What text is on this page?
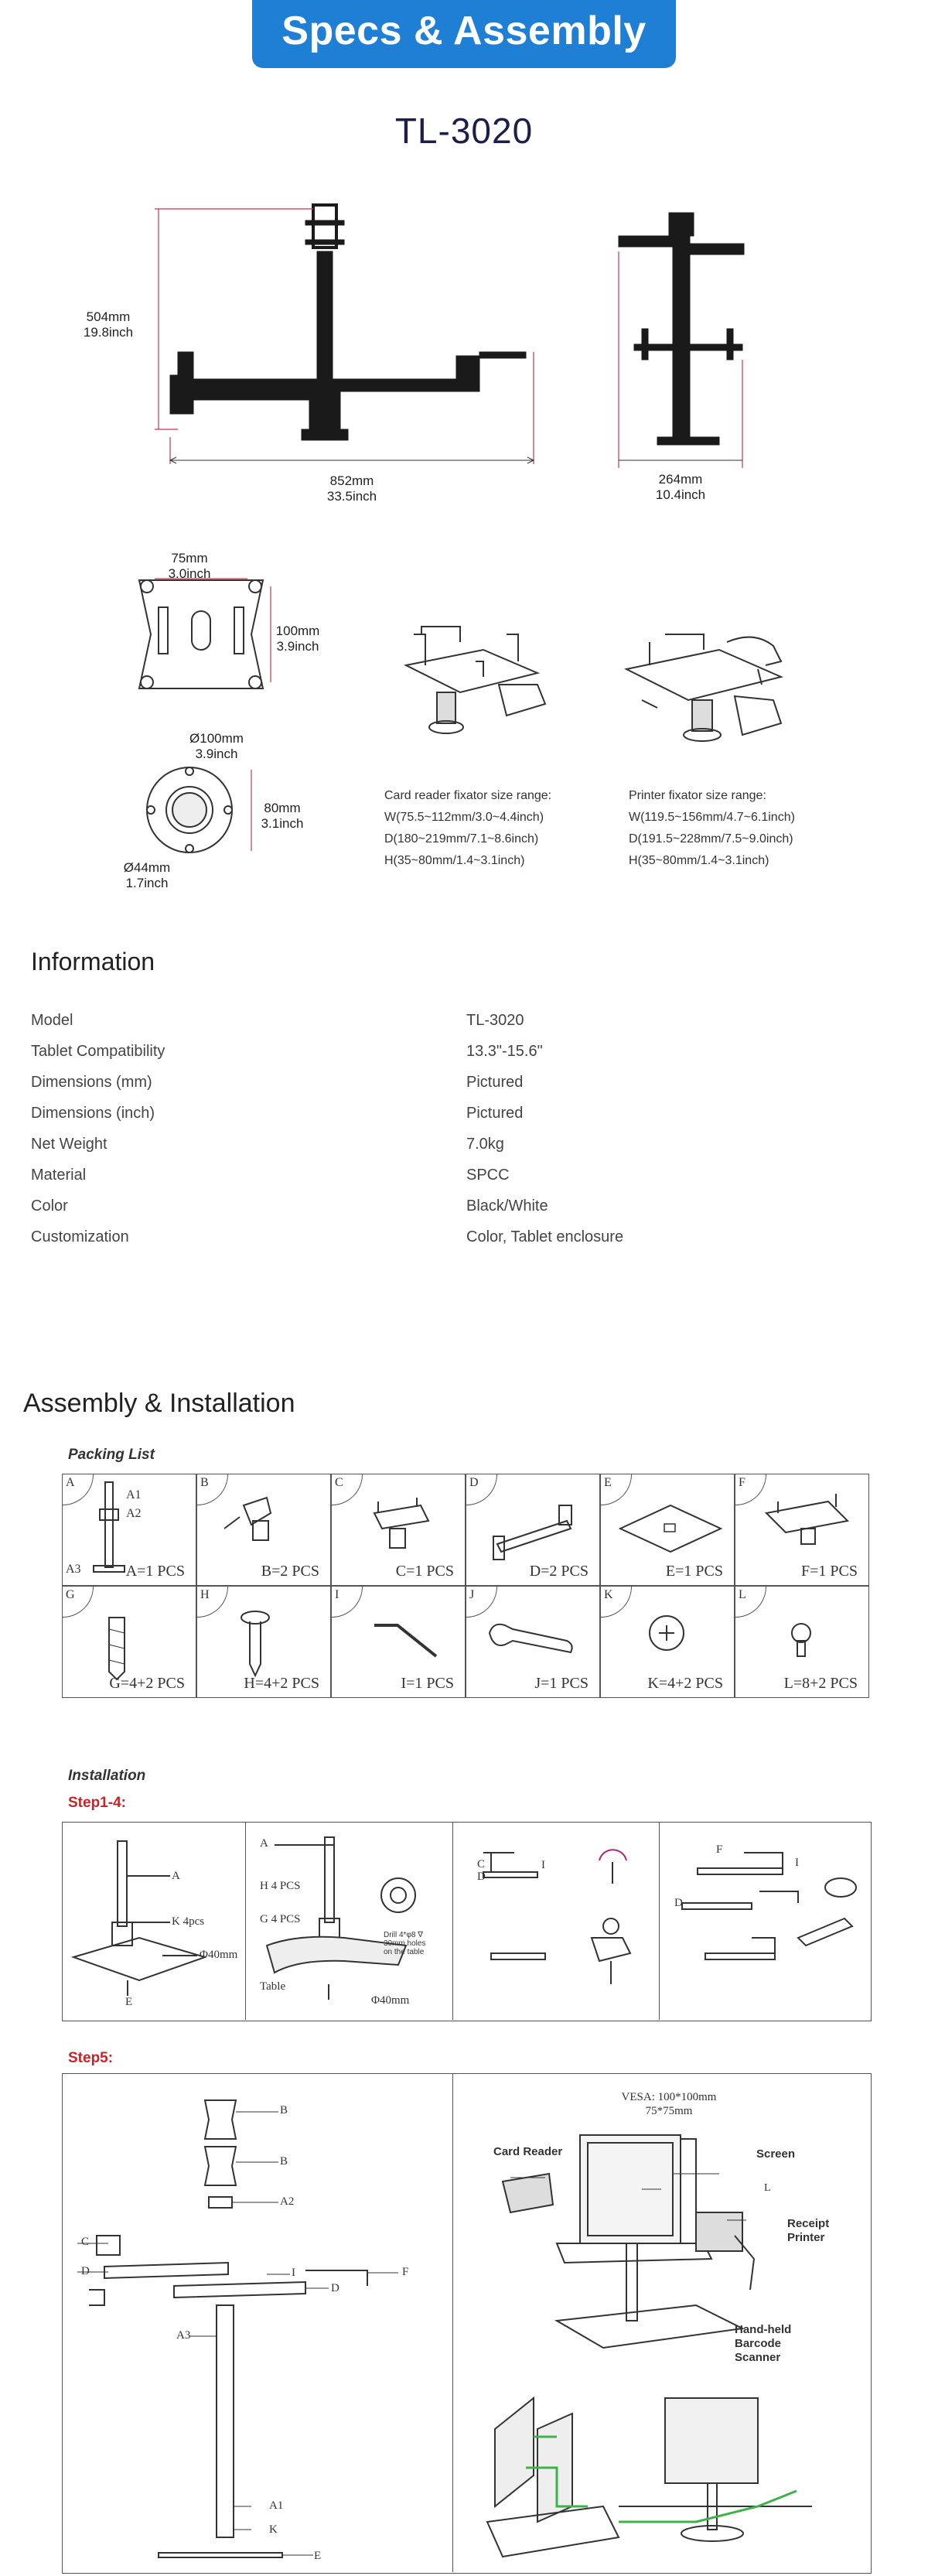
Specs & Assembly
TL-3020
504mm
19.8inch
852mm
33.5inch
264mm
10.4inch
75mm
3.0inch
100mm
3.9inch
Ø100mm
3.9inch
80mm
3.1inch
Ø44mm
1.7inch
Card reader fixator size range:
W(75.5~112mm/3.0~4.4inch)
D(180~219mm/7.1~8.6inch)
H(35~80mm/1.4~3.1inch)
Printer fixator size range:
W(119.5~156mm/4.7~6.1inch)
D(191.5~228mm/7.5~9.0inch)
H(35~80mm/1.4~3.1inch)
Information
Model	TL-3020
Tablet Compatibility	13.3"-15.6"
Dimensions (mm)	Pictured
Dimensions (inch)	Pictured
Net Weight	7.0kg
Material	SPCC
Color	Black/White
Customization	Color, Tablet enclosure
Assembly & Installation
Packing List
A
A1
A2
A3	A=1 PCS
B
B=2 PCS
C
C=1 PCS
D
D=2 PCS
E
E=1 PCS
F
F=1 PCS
G
G=4+2 PCS
H
H=4+2 PCS
I
I=1 PCS
J
J=1 PCS
K
K=4+2 PCS
L
L=8+2 PCS
Installation
Step1-4:
A
K 4pcs
Φ40mm
E
A
H 4 PCS
G 4 PCS
Table
Φ40mm
Drill 4*φ8 ∇
30mm holes
on the table
C
D
I
F
D
I
Step5:
B
B
A2
C
D	I	F
D
A3
A1
K
E
VESA: 100*100mm
75*75mm
Card Reader	Screen
L
Receipt
Printer
Hand-held
Barcode
Scanner
